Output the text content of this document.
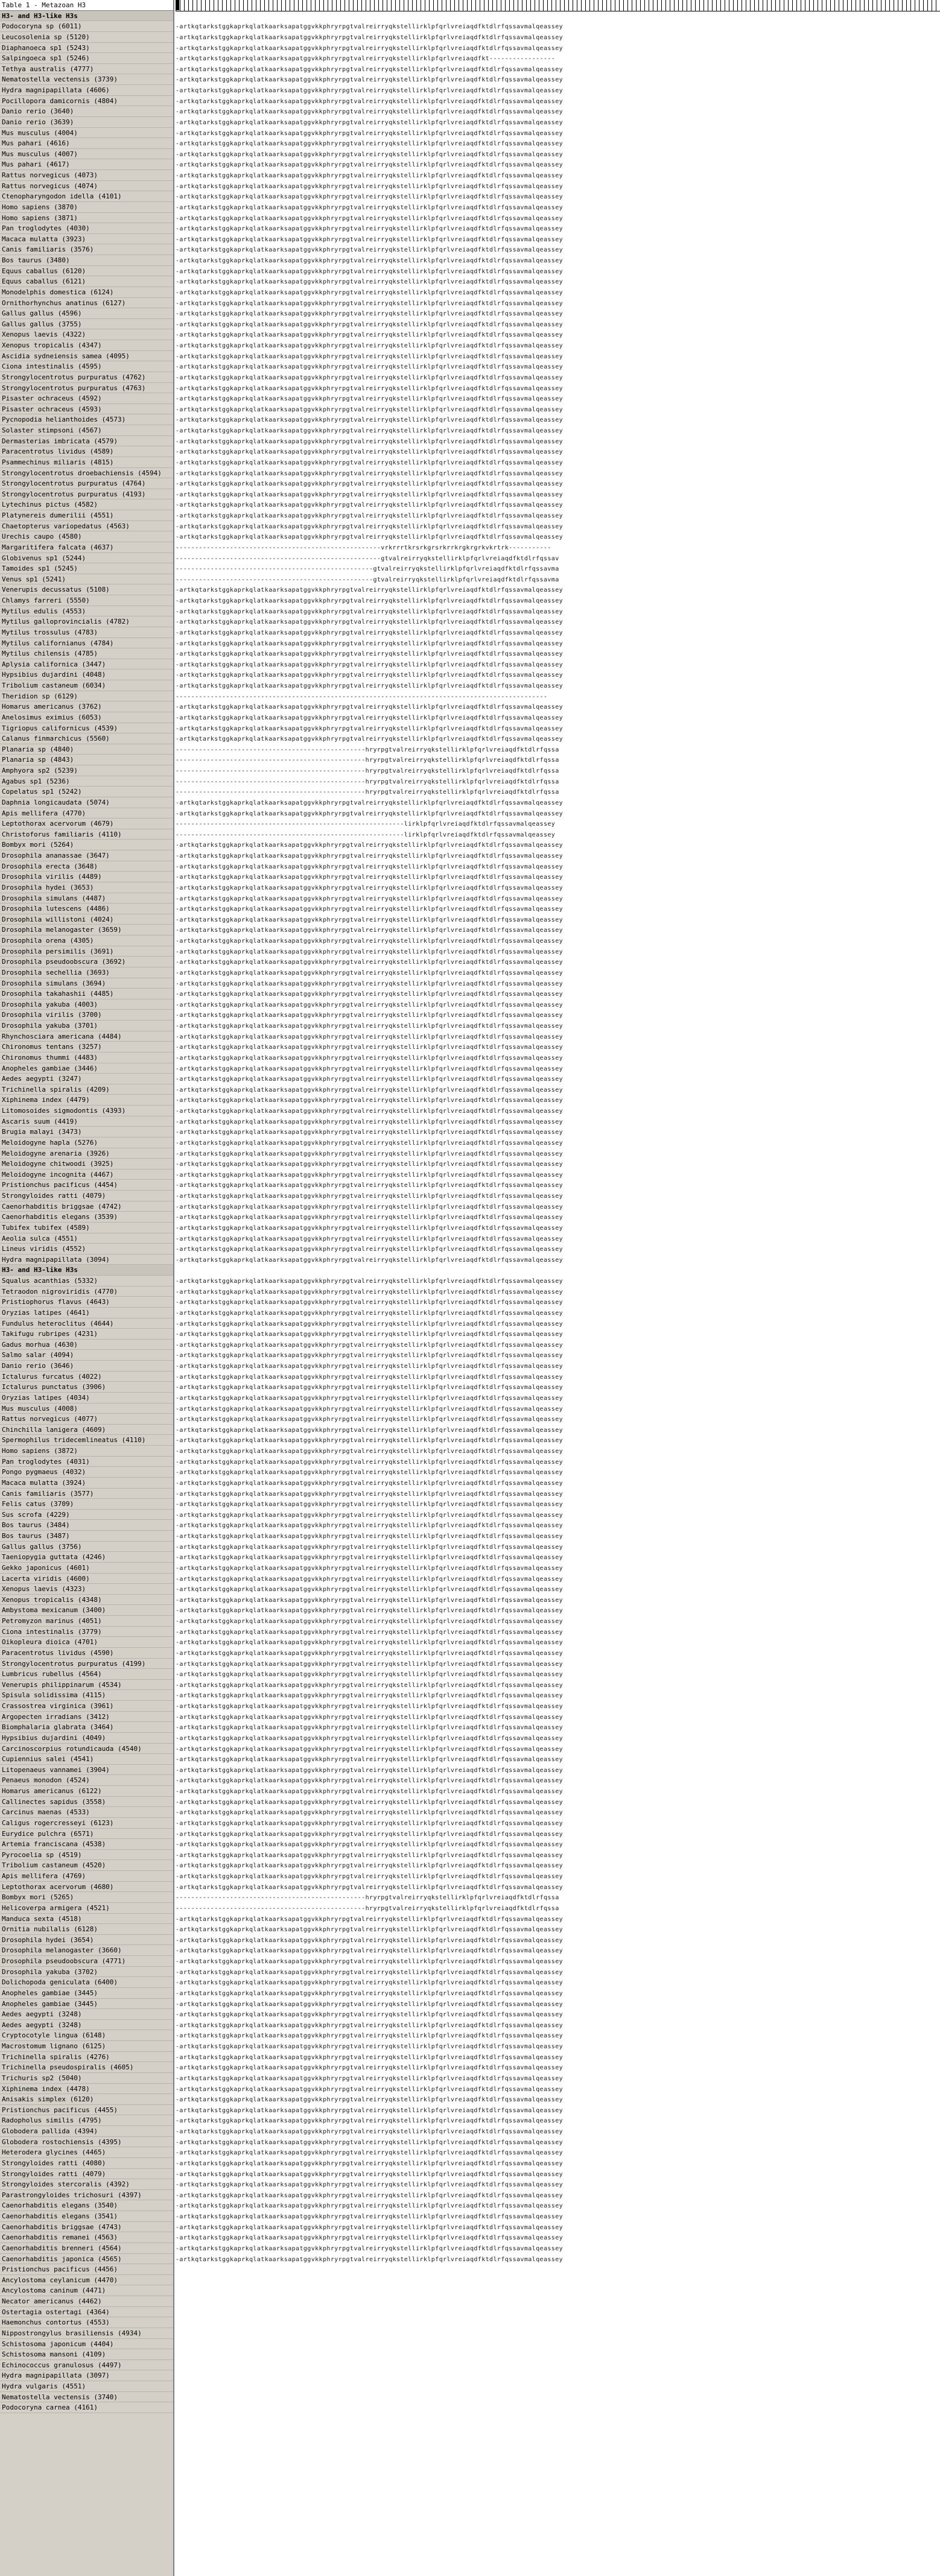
Table 1 - Metazoan H3
H3- and H3-like H3s
Podocoryna sp (6011)
Leucosolenia sp (5120)
Diaphanoeca sp1 (5243)
Salpingoeca sp1 (5246)
Tethya australis (4777)
Nematostella vectensis (3739)
Hydra magnipapillata (4606)
Pocillopora damicornis (4804)
Danio rerio (3640)
Danio rerio (3639)
Mus musculus (4004)
Mus pahari (4616)
Mus musculus (4007)
Mus pahari (4617)
Rattus norvegicus (4073)
Rattus norvegicus (4074)
Ctenopharyngodon idella (4101)
Homo sapiens (3870)
Homo sapiens (3871)
Pan troglodytes (4030)
Macaca mulatta (3923)
Canis familiaris (3576)
Bos taurus (3480)
Equus caballus (6120)
Equus caballus (6121)
Monodelphis domestica (6124)
Ornithorhynchus anatinus (6127)
Gallus gallus (4596)
Gallus gallus (3755)
Xenopus laevis (4322)
Xenopus tropicalis (4347)
Ascidia sydneiensis samea (4095)
Ciona intestinalis (4595)
Strongylocentrotus purpuratus (4762)
Strongylocentrotus purpuratus (4763)
Pisaster ochraceus (4592)
Pisaster ochraceus (4593)
Pycnopodia helianthoides (4573)
Solaster stimpsoni (4567)
Dermasterias imbricata (4579)
Paracentrotus lividus (4589)
Psammechinus miliaris (4815)
Strongylocentrotus droebachiensis (4594)
Strongylocentrotus purpuratus (4764)
Strongylocentrotus purpuratus (4193)
Lytechinus pictus (4582)
Platynereis dumerilii (4551)
Chaetopterus variopedatus (4563)
Urechis caupo (4580)
Margaritifera falcata (4637)
Globivenus sp1 (5244)
Tamoides sp1 (5245)
Venus sp1 (5241)
Venerupis decussatus (5108)
Chlamys farreri (5550)
Mytilus edulis (4553)
Mytilus galloprovincialis (4782)
Mytilus trossulus (4783)
Mytilus californianus (4784)
Mytilus chilensis (4785)
Aplysia californica (3447)
Hypsibius dujardini (4048)
Tribolium castaneum (6034)
Theridion sp (6129)
Homarus americanus (3762)
Anelosimus eximius (6053)
Tigriopus californicus (4539)
Calanus finmarchicus (5560)
Planaria sp (4840)
Planaria sp (4843)
Amphyora sp2 (5239)
Agabus sp1 (5236)
Copelatus sp1 (5242)
Daphnia longicaudata (5074)
Apis mellifera (4770)
Leptothorax acervorum (4679)
Christoforus familiaris (4110)
Bombyx mori (5264)
Drosophila ananassae (3647)
Drosophila erecta (3648)
Drosophila virilis (4489)
Drosophila hydei (3653)
Drosophila simulans (4487)
Drosophila lutescens (4486)
Drosophila willistoni (4024)
Drosophila melanogaster (3659)
Drosophila orena (4305)
Drosophila persimilis (3691)
Drosophila pseudoobscura (3692)
Drosophila sechellia (3693)
Drosophila simulans (3694)
Drosophila takahashii (4485)
Drosophila yakuba (4003)
Drosophila virilis (3700)
Drosophila yakuba (3701)
Rhynchosciara americana (4484)
Chironomus tentans (3257)
Chironomus thummi (4483)
Anopheles gambiae (3446)
Aedes aegypti (3247)
Trichinella spiralis (4209)
Xiphinema index (4479)
Litomosoides sigmodontis (4393)
Ascaris suum (4419)
Brugia malayi (3473)
Meloidogyne hapla (5276)
Meloidogyne arenaria (3926)
Meloidogyne chitwoodi (3925)
Meloidogyne incognita (4467)
Pristionchus pacificus (4454)
Strongyloides ratti (4079)
Caenorhabditis briggsae (4742)
Caenorhabditis elegans (3539)
Tubifex tubifex (4589)
Aeolia sulca (4551)
Lineus viridis (4552)
Hydra magnipapillata (3094)
H3- and H3-like H3s
Squalus acanthias (5332)
Tetraodon nigroviridis (4770)
Pristiophorus flavus (4643)
Oryzias latipes (4641)
Fundulus heteroclitus (4644)
Takifugu rubripes (4231)
Gadus morhua (4630)
Salmo salar (4094)
Danio rerio (3646)
Ictalurus furcatus (4022)
Ictalurus punctatus (3906)
Oryzias latipes (4034)
Mus musculus (4008)
Rattus norvegicus (4077)
Chinchilla lanigera (4609)
Spermophilus tridecemlineatus (4110)
Homo sapiens (3872)
Pan troglodytes (4031)
Pongo pygmaeus (4032)
Macaca mulatta (3924)
Canis familiaris (3577)
Felis catus (3709)
Sus scrofa (4229)
Bos taurus (3484)
Bos taurus (3487)
Gallus gallus (3756)
Taeniopygia guttata (4246)
Gekko japonicus (4601)
Lacerta viridis (4600)
Xenopus laevis (4323)
Xenopus tropicalis (4348)
Ambystoma mexicanum (3400)
Petromyzon marinus (4051)
Ciona intestinalis (3779)
Oikopleura dioica (4701)
Paracentrotus lividus (4590)
Strongylocentrotus purpuratus (4199)
Lumbricus rubellus (4564)
Venerupis philippinarum (4534)
Spisula solidissima (4115)
Crassostrea virginica (3961)
Argopecten irradians (3412)
Biomphalaria glabrata (3464)
Hypsibius dujardini (4049)
Carcinoscorpius rotundicauda (4540)
Cupiennius salei (4541)
Litopenaeus vannamei (3904)
Penaeus monodon (4524)
Homarus americanus (6122)
Callinectes sapidus (3558)
Carcinus maenas (4533)
Caligus rogercresseyi (6123)
Eurydice pulchra (6571)
Artemia franciscana (4538)
Pyrocoelia sp (4519)
Tribolium castaneum (4520)
Apis mellifera (4769)
Leptothorax acervorum (4680)
Bombyx mori (5265)
Helicoverpa armigera (4521)
Manduca sexta (4518)
Ornitia nubilalis (6128)
Drosophila hydei (3654)
Drosophila melanogaster (3660)
Drosophila pseudoobscura (4771)
Drosophila yakuba (3702)
Dolichopoda geniculata (6400)
Anopheles gambiae (3445)
Anopheles gambiae (3445)
Aedes aegypti (3248)
Aedes aegypti (3248)
Cryptocotyle lingua (6148)
Macrostomum lignano (6125)
Trichinella spiralis (4276)
Trichinella pseudospiralis (4605)
Trichuris sp2 (5040)
Xiphinema index (4478)
Anisakis simplex (6120)
Pristionchus pacificus (4455)
Radopholus similis (4795)
Globodera pallida (4394)
Globodera rostochiensis (4395)
Heterodera glycines (4465)
Strongyloides ratti (4080)
Strongyloides ratti (4079)
Strongyloides stercoralis (4392)
Parastrongyloides trichosuri (4397)
Caenorhabditis elegans (3540)
Caenorhabditis elegans (3541)
Caenorhabditis briggsae (4743)
Caenorhabditis remanei (4563)
Caenorhabditis brenneri (4564)
Caenorhabditis japonica (4565)
Pristionchus pacificus (4456)
Ancylostoma ceylanicum (4470)
Ancylostoma caninum (4471)
Necator americanus (4462)
Ostertagia ostertagi (4364)
Haemonchus contortus (4553)
Nippostrongylus brasiliensis (4934)
Schistosoma japonicum (4404)
Schistosoma mansoni (4109)
Echinococcus granulosus (4497)
Hydra magnipapillata (3097)
Hydra vulgaris (4551)
Nematostella vectensis (3740)
Podocoryna carnea (4161)
-artkqtarkstggkaprkqlatkaarksapatggvkkphryrpgtvalreirryqkstellirklpfqrlvreiaqdfktdlrfqssavmalqeassey
-artkqtarkstggkaprkqlatkaarksapatggvkkphryrpgtvalreirryqkstellirklpfqrlvreiaqdfktdlrfqssavmalqeassey
-artkqtarkstggkaprkqlatkaarksapatggvkkphryrpgtvalreirryqkstellirklpfqrlvreiaqdfktdlrfqssavmalqeassey
-artkqtarkstggkaprkqlatkaarksapatggvkkphryrpgtvalreirryqkstellirklpfqrlvreiaqdfkt-----------------
-artkqtarkstggkaprkqlatkaarksapatggvkkphryrpgtvalreirryqkstellirklpfqrlvreiaqdfktdlrfqssavmalqeassey
-artkqtarkstggkaprkqlatkaarksapatggvkkphryrpgtvalreirryqkstellirklpfqrlvreiaqdfktdlrfqssavmalqeassey
-artkqtarkstggkaprkqlatkaarksapatggvkkphryrpgtvalreirryqkstellirklpfqrlvreiaqdfktdlrfqssavmalqeassey
-artkqtarkstggkaprkqlatkaarksapatggvkkphryrpgtvalreirryqkstellirklpfqrlvreiaqdfktdlrfqssavmalqeassey
-artkqtarkstggkaprkqlatkaarksapatggvkkphryrpgtvalreirryqkstellirklpfqrlvreiaqdfktdlrfqssavmalqeassey
-artkqtarkstggkaprkqlatkaarksapatggvkkphryrpgtvalreirryqkstellirklpfqrlvreiaqdfktdlrfqssavmalqeassey
-artkqtarkstggkaprkqlatkaarksapatggvkkphryrpgtvalreirryqkstellirklpfqrlvreiaqdfktdlrfqssavmalqeassey
-artkqtarkstggkaprkqlatkaarksapatggvkkphryrpgtvalreirryqkstellirklpfqrlvreiaqdfktdlrfqssavmalqeassey
-artkqtarkstggkaprkqlatkaarksapatggvkkphryrpgtvalreirryqkstellirklpfqrlvreiaqdfktdlrfqssavmalqeassey
-artkqtarkstggkaprkqlatkaarksapatggvkkphryrpgtvalreirryqkstellirklpfqrlvreiaqdfktdlrfqssavmalqeassey
-artkqtarkstggkaprkqlatkaarksapatggvkkphryrpgtvalreirryqkstellirklpfqrlvreiaqdfktdlrfqssavmalqeassey
-artkqtarkstggkaprkqlatkaarksapatggvkkphryrpgtvalreirryqkstellirklpfqrlvreiaqdfktdlrfqssavmalqeassey
-artkqtarkstggkaprkqlatkaarksapatggvkkphryrpgtvalreirryqkstellirklpfqrlvreiaqdfktdlrfqssavmalqeassey
-artkqtarkstggkaprkqlatkaarksapatggvkkphryrpgtvalreirryqkstellirklpfqrlvreiaqdfktdlrfqssavmalqeassey
-artkqtarkstggkaprkqlatkaarksapatggvkkphryrpgtvalreirryqkstellirklpfqrlvreiaqdfktdlrfqssavmalqeassey
-artkqtarkstggkaprkqlatkaarksapatggvkkphryrpgtvalreirryqkstellirklpfqrlvreiaqdfktdlrfqssavmalqeassey
-artkqtarkstggkaprkqlatkaarksapatggvkkphryrpgtvalreirryqkstellirklpfqrlvreiaqdfktdlrfqssavmalqeassey
-artkqtarkstggkaprkqlatkaarksapatggvkkphryrpgtvalreirryqkstellirklpfqrlvreiaqdfktdlrfqssavmalqeassey
-artkqtarkstggkaprkqlatkaarksapatggvkkphryrpgtvalreirryqkstellirklpfqrlvreiaqdfktdlrfqssavmalqeassey
-artkqtarkstggkaprkqlatkaarksapatggvkkphryrpgtvalreirryqkstellirklpfqrlvreiaqdfktdlrfqssavmalqeassey
-artkqtarkstggkaprkqlatkaarksapatggvkkphryrpgtvalreirryqkstellirklpfqrlvreiaqdfktdlrfqssavmalqeassey
-artkqtarkstggkaprkqlatkaarksapatggvkkphryrpgtvalreirryqkstellirklpfqrlvreiaqdfktdlrfqssavmalqeassey
-artkqtarkstggkaprkqlatkaarksapatggvkkphryrpgtvalreirryqkstellirklpfqrlvreiaqdfktdlrfqssavmalqeassey
-artkqtarkstggkaprkqlatkaarksapatggvkkphryrpgtvalreirryqkstellirklpfqrlvreiaqdfktdlrfqssavmalqeassey
-artkqtarkstggkaprkqlatkaarksapatggvkkphryrpgtvalreirryqkstellirklpfqrlvreiaqdfktdlrfqssavmalqeassey
-artkqtarkstggkaprkqlatkaarksapatggvkkphryrpgtvalreirryqkstellirklpfqrlvreiaqdfktdlrfqssavmalqeassey
-artkqtarkstggkaprkqlatkaarksapatggvkkphryrpgtvalreirryqkstellirklpfqrlvreiaqdfktdlrfqssavmalqeassey
-artkqtarkstggkaprkqlatkaarksapatggvkkphryrpgtvalreirryqkstellirklpfqrlvreiaqdfktdlrfqssavmalqeassey
-artkqtarkstggkaprkqlatkaarksapatggvkkphryrpgtvalreirryqkstellirklpfqrlvreiaqdfktdlrfqssavmalqeassey
-artkqtarkstggkaprkqlatkaarksapatggvkkphryrpgtvalreirryqkstellirklpfqrlvreiaqdfktdlrfqssavmalqeassey
-artkqtarkstggkaprkqlatkaarksapatggvkkphryrpgtvalreirryqkstellirklpfqrlvreiaqdfktdlrfqssavmalqeassey
-artkqtarkstggkaprkqlatkaarksapatggvkkphryrpgtvalreirryqkstellirklpfqrlvreiaqdfktdlrfqssavmalqeassey
-artkqtarkstggkaprkqlatkaarksapatggvkkphryrpgtvalreirryqkstellirklpfqrlvreiaqdfktdlrfqssavmalqeassey
-artkqtarkstggkaprkqlatkaarksapatggvkkphryrpgtvalreirryqkstellirklpfqrlvreiaqdfktdlrfqssavmalqeassey
-artkqtarkstggkaprkqlatkaarksapatggvkkphryrpgtvalreirryqkstellirklpfqrlvreiaqdfktdlrfqssavmalqeassey
-artkqtarkstggkaprkqlatkaarksapatggvkkphryrpgtvalreirryqkstellirklpfqrlvreiaqdfktdlrfqssavmalqeassey
-artkqtarkstggkaprkqlatkaarksapatggvkkphryrpgtvalreirryqkstellirklpfqrlvreiaqdfktdlrfqssavmalqeassey
-artkqtarkstggkaprkqlatkaarksapatggvkkphryrpgtvalreirryqkstellirklpfqrlvreiaqdfktdlrfqssavmalqeassey
-artkqtarkstggkaprkqlatkaarksapatggvkkphryrpgtvalreirryqkstellirklpfqrlvreiaqdfktdlrfqssavmalqeassey
-artkqtarkstggkaprkqlatkaarksapatggvkkphryrpgtvalreirryqkstellirklpfqrlvreiaqdfktdlrfqssavmalqeassey
-artkqtarkstggkaprkqlatkaarksapatggvkkphryrpgtvalreirryqkstellirklpfqrlvreiaqdfktdlrfqssavmalqeassey
-artkqtarkstggkaprkqlatkaarksapatggvkkphryrpgtvalreirryqkstellirklpfqrlvreiaqdfktdlrfqssavmalqeassey
-artkqtarkstggkaprkqlatkaarksapatggvkkphryrpgtvalreirryqkstellirklpfqrlvreiaqdfktdlrfqssavmalqeassey
-artkqtarkstggkaprkqlatkaarksapatggvkkphryrpgtvalreirryqkstellirklpfqrlvreiaqdfktdlrfqssavmalqeassey
-artkqtarkstggkaprkqlatkaarksapatggvkkphryrpgtvalreirryqkstellirklpfqrlvreiaqdfktdlrfqssavmalqeassey
-----------------------------------------------------vrkrrrtkrsrkgrsrkrrkrgkrgrkvkrtrk-----------
-----------------------------------------------------gtvalreirryqkstellirklpfqrlvreiaqdfktdlrfqssav
---------------------------------------------------gtvalreirryqkstellirklpfqrlvreiaqdfktdlrfqssavma
---------------------------------------------------gtvalreirryqkstellirklpfqrlvreiaqdfktdlrfqssavma
-artkqtarkstggkaprkqlatkaarksapatggvkkphryrpgtvalreirryqkstellirklpfqrlvreiaqdfktdlrfqssavmalqeassey
-artkqtarkstggkaprkqlatkaarksapatggvkkphryrpgtvalreirryqkstellirklpfqrlvreiaqdfktdlrfqssavmalqeassey
-artkqtarkstggkaprkqlatkaarksapatggvkkphryrpgtvalreirryqkstellirklpfqrlvreiaqdfktdlrfqssavmalqeassey
-artkqtarkstggkaprkqlatkaarksapatggvkkphryrpgtvalreirryqkstellirklpfqrlvreiaqdfktdlrfqssavmalqeassey
-artkqtarkstggkaprkqlatkaarksapatggvkkphryrpgtvalreirryqkstellirklpfqrlvreiaqdfktdlrfqssavmalqeassey
-artkqtarkstggkaprkqlatkaarksapatggvkkphryrpgtvalreirryqkstellirklpfqrlvreiaqdfktdlrfqssavmalqeassey
-artkqtarkstggkaprkqlatkaarksapatggvkkphryrpgtvalreirryqkstellirklpfqrlvreiaqdfktdlrfqssavmalqeassey
-artkqtarkstggkaprkqlatkaarksapatggvkkphryrpgtvalreirryqkstellirklpfqrlvreiaqdfktdlrfqssavmalqeassey
-artkqtarkstggkaprkqlatkaarksapatggvkkphryrpgtvalreirryqkstellirklpfqrlvreiaqdfktdlrfqssavmalqeassey
-artkqtarkstggkaprkqlatkaarksapatggvkkphryrpgtvalreirryqkstellirklpfqrlvreiaqdfktdlrfqssavmalqeassey
------------------------------------------------------------------------------------------------
-artkqtarkstggkaprkqlatkaarksapatggvkkphryrpgtvalreirryqkstellirklpfqrlvreiaqdfktdlrfqssavmalqeassey
-artkqtarkstggkaprkqlatkaarksapatggvkkphryrpgtvalreirryqkstellirklpfqrlvreiaqdfktdlrfqssavmalqeassey
-artkqtarkstggkaprkqlatkaarksapatggvkkphryrpgtvalreirryqkstellirklpfqrlvreiaqdfktdlrfqssavmalqeassey
-artkqtarkstggkaprkqlatkaarksapatggvkkphryrpgtvalreirryqkstellirklpfqrlvreiaqdfktdlrfqssavmalqeassey
-------------------------------------------------hryrpgtvalreirryqkstellirklpfqrlvreiaqdfktdlrfqssa
-------------------------------------------------hryrpgtvalreirryqkstellirklpfqrlvreiaqdfktdlrfqssa
-------------------------------------------------hryrpgtvalreirryqkstellirklpfqrlvreiaqdfktdlrfqssa
-------------------------------------------------hryrpgtvalreirryqkstellirklpfqrlvreiaqdfktdlrfqssa
-------------------------------------------------hryrpgtvalreirryqkstellirklpfqrlvreiaqdfktdlrfqssa
-artkqtarkstggkaprkqlatkaarksapatggvkkphryrpgtvalreirryqkstellirklpfqrlvreiaqdfktdlrfqssavmalqeassey
-artkqtarkstggkaprkqlatkaarksapatggvkkphryrpgtvalreirryqkstellirklpfqrlvreiaqdfktdlrfqssavmalqeassey
-----------------------------------------------------------lirklpfqrlvreiaqdfktdlrfqssavmalqeassey
-----------------------------------------------------------lirklpfqrlvreiaqdfktdlrfqssavmalqeassey
-artkqtarkstggkaprkqlatkaarksapatggvkkphryrpgtvalreirryqkstellirklpfqrlvreiaqdfktdlrfqssavmalqeassey
-artkqtarkstggkaprkqlatkaarksapatggvkkphryrpgtvalreirryqkstellirklpfqrlvreiaqdfktdlrfqssavmalqeassey
-artkqtarkstggkaprkqlatkaarksapatggvkkphryrpgtvalreirryqkstellirklpfqrlvreiaqdfktdlrfqssavmalqeassey
-artkqtarkstggkaprkqlatkaarksapatggvkkphryrpgtvalreirryqkstellirklpfqrlvreiaqdfktdlrfqssavmalqeassey
-artkqtarkstggkaprkqlatkaarksapatggvkkphryrpgtvalreirryqkstellirklpfqrlvreiaqdfktdlrfqssavmalqeassey
-artkqtarkstggkaprkqlatkaarksapatggvkkphryrpgtvalreirryqkstellirklpfqrlvreiaqdfktdlrfqssavmalqeassey
-artkqtarkstggkaprkqlatkaarksapatggvkkphryrpgtvalreirryqkstellirklpfqrlvreiaqdfktdlrfqssavmalqeassey
-artkqtarkstggkaprkqlatkaarksapatggvkkphryrpgtvalreirryqkstellirklpfqrlvreiaqdfktdlrfqssavmalqeassey
-artkqtarkstggkaprkqlatkaarksapatggvkkphryrpgtvalreirryqkstellirklpfqrlvreiaqdfktdlrfqssavmalqeassey
-artkqtarkstggkaprkqlatkaarksapatggvkkphryrpgtvalreirryqkstellirklpfqrlvreiaqdfktdlrfqssavmalqeassey
-artkqtarkstggkaprkqlatkaarksapatggvkkphryrpgtvalreirryqkstellirklpfqrlvreiaqdfktdlrfqssavmalqeassey
-artkqtarkstggkaprkqlatkaarksapatggvkkphryrpgtvalreirryqkstellirklpfqrlvreiaqdfktdlrfqssavmalqeassey
-artkqtarkstggkaprkqlatkaarksapatggvkkphryrpgtvalreirryqkstellirklpfqrlvreiaqdfktdlrfqssavmalqeassey
-artkqtarkstggkaprkqlatkaarksapatggvkkphryrpgtvalreirryqkstellirklpfqrlvreiaqdfktdlrfqssavmalqeassey
-artkqtarkstggkaprkqlatkaarksapatggvkkphryrpgtvalreirryqkstellirklpfqrlvreiaqdfktdlrfqssavmalqeassey
-artkqtarkstggkaprkqlatkaarksapatggvkkphryrpgtvalreirryqkstellirklpfqrlvreiaqdfktdlrfqssavmalqeassey
-artkqtarkstggkaprkqlatkaarksapatggvkkphryrpgtvalreirryqkstellirklpfqrlvreiaqdfktdlrfqssavmalqeassey
-artkqtarkstggkaprkqlatkaarksapatggvkkphryrpgtvalreirryqkstellirklpfqrlvreiaqdfktdlrfqssavmalqeassey
-artkqtarkstggkaprkqlatkaarksapatggvkkphryrpgtvalreirryqkstellirklpfqrlvreiaqdfktdlrfqssavmalqeassey
-artkqtarkstggkaprkqlatkaarksapatggvkkphryrpgtvalreirryqkstellirklpfqrlvreiaqdfktdlrfqssavmalqeassey
-artkqtarkstggkaprkqlatkaarksapatggvkkphryrpgtvalreirryqkstellirklpfqrlvreiaqdfktdlrfqssavmalqeassey
-artkqtarkstggkaprkqlatkaarksapatggvkkphryrpgtvalreirryqkstellirklpfqrlvreiaqdfktdlrfqssavmalqeassey
-artkqtarkstggkaprkqlatkaarksapatggvkkphryrpgtvalreirryqkstellirklpfqrlvreiaqdfktdlrfqssavmalqeassey
-artkqtarkstggkaprkqlatkaarksapatggvkkphryrpgtvalreirryqkstellirklpfqrlvreiaqdfktdlrfqssavmalqeassey
-artkqtarkstggkaprkqlatkaarksapatggvkkphryrpgtvalreirryqkstellirklpfqrlvreiaqdfktdlrfqssavmalqeassey
-artkqtarkstggkaprkqlatkaarksapatggvkkphryrpgtvalreirryqkstellirklpfqrlvreiaqdfktdlrfqssavmalqeassey
-artkqtarkstggkaprkqlatkaarksapatggvkkphryrpgtvalreirryqkstellirklpfqrlvreiaqdfktdlrfqssavmalqeassey
-artkqtarkstggkaprkqlatkaarksapatggvkkphryrpgtvalreirryqkstellirklpfqrlvreiaqdfktdlrfqssavmalqeassey
-artkqtarkstggkaprkqlatkaarksapatggvkkphryrpgtvalreirryqkstellirklpfqrlvreiaqdfktdlrfqssavmalqeassey
-artkqtarkstggkaprkqlatkaarksapatggvkkphryrpgtvalreirryqkstellirklpfqrlvreiaqdfktdlrfqssavmalqeassey
-artkqtarkstggkaprkqlatkaarksapatggvkkphryrpgtvalreirryqkstellirklpfqrlvreiaqdfktdlrfqssavmalqeassey
-artkqtarkstggkaprkqlatkaarksapatggvkkphryrpgtvalreirryqkstellirklpfqrlvreiaqdfktdlrfqssavmalqeassey
-artkqtarkstggkaprkqlatkaarksapatggvkkphryrpgtvalreirryqkstellirklpfqrlvreiaqdfktdlrfqssavmalqeassey
-artkqtarkstggkaprkqlatkaarksapatggvkkphryrpgtvalreirryqkstellirklpfqrlvreiaqdfktdlrfqssavmalqeassey
-artkqtarkstggkaprkqlatkaarksapatggvkkphryrpgtvalreirryqkstellirklpfqrlvreiaqdfktdlrfqssavmalqeassey
-artkqtarkstggkaprkqlatkaarksapatggvkkphryrpgtvalreirryqkstellirklpfqrlvreiaqdfktdlrfqssavmalqeassey
-artkqtarkstggkaprkqlatkaarksapatggvkkphryrpgtvalreirryqkstellirklpfqrlvreiaqdfktdlrfqssavmalqeassey
-artkqtarkstggkaprkqlatkaarksapatggvkkphryrpgtvalreirryqkstellirklpfqrlvreiaqdfktdlrfqssavmalqeassey
-artkqtarkstggkaprkqlatkaarksapatggvkkphryrpgtvalreirryqkstellirklpfqrlvreiaqdfktdlrfqssavmalqeassey
-artkqtarkstggkaprkqlatkaarksapatggvkkphryrpgtvalreirryqkstellirklpfqrlvreiaqdfktdlrfqssavmalqeassey
-artkqtarkstggkaprkqlatkaarksapatggvkkphryrpgtvalreirryqkstellirklpfqrlvreiaqdfktdlrfqssavmalqeassey
-artkqtarkstggkaprkqlatkaarksapatggvkkphryrpgtvalreirryqkstellirklpfqrlvreiaqdfktdlrfqssavmalqeassey
-artkqtarkstggkaprkqlatkaarksapatggvkkphryrpgtvalreirryqkstellirklpfqrlvreiaqdfktdlrfqssavmalqeassey
-artkqtarkstggkaprkqlatkaarksapatggvkkphryrpgtvalreirryqkstellirklpfqrlvreiaqdfktdlrfqssavmalqeassey
-artkqtarkstggkaprkqlatkaarksapatggvkkphryrpgtvalreirryqkstellirklpfqrlvreiaqdfktdlrfqssavmalqeassey
-artkqtarkstggkaprkqlatkaarksapatggvkkphryrpgtvalreirryqkstellirklpfqrlvreiaqdfktdlrfqssavmalqeassey
-artkqtarkstggkaprkqlatkaarksapatggvkkphryrpgtvalreirryqkstellirklpfqrlvreiaqdfktdlrfqssavmalqeassey
-artkqtarkstggkaprkqlatkaarksapatggvkkphryrpgtvalreirryqkstellirklpfqrlvreiaqdfktdlrfqssavmalqeassey
-artkqtarkstggkaprkqlatkaarksapatggvkkphryrpgtvalreirryqkstellirklpfqrlvreiaqdfktdlrfqssavmalqeassey
-artkqtarkstggkaprkqlatkaarksapatggvkkphryrpgtvalreirryqkstellirklpfqrlvreiaqdfktdlrfqssavmalqeassey
-artkqtarkstggkaprkqlatkaarksapatggvkkphryrpgtvalreirryqkstellirklpfqrlvreiaqdfktdlrfqssavmalqeassey
-artkqtarkstggkaprkqlatkaarksapatggvkkphryrpgtvalreirryqkstellirklpfqrlvreiaqdfktdlrfqssavmalqeassey
-artkqtarkstggkaprkqlatkaarksapatggvkkphryrpgtvalreirryqkstellirklpfqrlvreiaqdfktdlrfqssavmalqeassey
-artkqtarkstggkaprkqlatkaarksapatggvkkphryrpgtvalreirryqkstellirklpfqrlvreiaqdfktdlrfqssavmalqeassey
-artkqtarkstggkaprkqlatkaarksapatggvkkphryrpgtvalreirryqkstellirklpfqrlvreiaqdfktdlrfqssavmalqeassey
-artkqtarkstggkaprkqlatkaarksapatggvkkphryrpgtvalreirryqkstellirklpfqrlvreiaqdfktdlrfqssavmalqeassey
-artkqtarkstggkaprkqlatkaarksapatggvkkphryrpgtvalreirryqkstellirklpfqrlvreiaqdfktdlrfqssavmalqeassey
-artkqtarkstggkaprkqlatkaarksapatggvkkphryrpgtvalreirryqkstellirklpfqrlvreiaqdfktdlrfqssavmalqeassey
-artkqtarkstggkaprkqlatkaarksapatggvkkphryrpgtvalreirryqkstellirklpfqrlvreiaqdfktdlrfqssavmalqeassey
-artkqtarkstggkaprkqlatkaarksapatggvkkphryrpgtvalreirryqkstellirklpfqrlvreiaqdfktdlrfqssavmalqeassey
-artkqtarkstggkaprkqlatkaarksapatggvkkphryrpgtvalreirryqkstellirklpfqrlvreiaqdfktdlrfqssavmalqeassey
-artkqtarkstggkaprkqlatkaarksapatggvkkphryrpgtvalreirryqkstellirklpfqrlvreiaqdfktdlrfqssavmalqeassey
-artkqtarkstggkaprkqlatkaarksapatggvkkphryrpgtvalreirryqkstellirklpfqrlvreiaqdfktdlrfqssavmalqeassey
-artkqtarkstggkaprkqlatkaarksapatggvkkphryrpgtvalreirryqkstellirklpfqrlvreiaqdfktdlrfqssavmalqeassey
-artkqtarkstggkaprkqlatkaarksapatggvkkphryrpgtvalreirryqkstellirklpfqrlvreiaqdfktdlrfqssavmalqeassey
-artkqtarkstggkaprkqlatkaarksapatggvkkphryrpgtvalreirryqkstellirklpfqrlvreiaqdfktdlrfqssavmalqeassey
-artkqtarkstggkaprkqlatkaarksapatggvkkphryrpgtvalreirryqkstellirklpfqrlvreiaqdfktdlrfqssavmalqeassey
-artkqtarkstggkaprkqlatkaarksapatggvkkphryrpgtvalreirryqkstellirklpfqrlvreiaqdfktdlrfqssavmalqeassey
-artkqtarkstggkaprkqlatkaarksapatggvkkphryrpgtvalreirryqkstellirklpfqrlvreiaqdfktdlrfqssavmalqeassey
-artkqtarkstggkaprkqlatkaarksapatggvkkphryrpgtvalreirryqkstellirklpfqrlvreiaqdfktdlrfqssavmalqeassey
-artkqtarkstggkaprkqlatkaarksapatggvkkphryrpgtvalreirryqkstellirklpfqrlvreiaqdfktdlrfqssavmalqeassey
-artkqtarkstggkaprkqlatkaarksapatggvkkphryrpgtvalreirryqkstellirklpfqrlvreiaqdfktdlrfqssavmalqeassey
-artkqtarkstggkaprkqlatkaarksapatggvkkphryrpgtvalreirryqkstellirklpfqrlvreiaqdfktdlrfqssavmalqeassey
-artkqtarkstggkaprkqlatkaarksapatggvkkphryrpgtvalreirryqkstellirklpfqrlvreiaqdfktdlrfqssavmalqeassey
-artkqtarkstggkaprkqlatkaarksapatggvkkphryrpgtvalreirryqkstellirklpfqrlvreiaqdfktdlrfqssavmalqeassey
-artkqtarkstggkaprkqlatkaarksapatggvkkphryrpgtvalreirryqkstellirklpfqrlvreiaqdfktdlrfqssavmalqeassey
-artkqtarkstggkaprkqlatkaarksapatggvkkphryrpgtvalreirryqkstellirklpfqrlvreiaqdfktdlrfqssavmalqeassey
-artkqtarkstggkaprkqlatkaarksapatggvkkphryrpgtvalreirryqkstellirklpfqrlvreiaqdfktdlrfqssavmalqeassey
-artkqtarkstggkaprkqlatkaarksapatggvkkphryrpgtvalreirryqkstellirklpfqrlvreiaqdfktdlrfqssavmalqeassey
-artkqtarkstggkaprkqlatkaarksapatggvkkphryrpgtvalreirryqkstellirklpfqrlvreiaqdfktdlrfqssavmalqeassey
-artkqtarkstggkaprkqlatkaarksapatggvkkphryrpgtvalreirryqkstellirklpfqrlvreiaqdfktdlrfqssavmalqeassey
-artkqtarkstggkaprkqlatkaarksapatggvkkphryrpgtvalreirryqkstellirklpfqrlvreiaqdfktdlrfqssavmalqeassey
-artkqtarkstggkaprkqlatkaarksapatggvkkphryrpgtvalreirryqkstellirklpfqrlvreiaqdfktdlrfqssavmalqeassey
-artkqtarkstggkaprkqlatkaarksapatggvkkphryrpgtvalreirryqkstellirklpfqrlvreiaqdfktdlrfqssavmalqeassey
-artkqtarkstggkaprkqlatkaarksapatggvkkphryrpgtvalreirryqkstellirklpfqrlvreiaqdfktdlrfqssavmalqeassey
-artkqtarkstggkaprkqlatkaarksapatggvkkphryrpgtvalreirryqkstellirklpfqrlvreiaqdfktdlrfqssavmalqeassey
-artkqtarkstggkaprkqlatkaarksapatggvkkphryrpgtvalreirryqkstellirklpfqrlvreiaqdfktdlrfqssavmalqeassey
-artkqtarkstggkaprkqlatkaarksapatggvkkphryrpgtvalreirryqkstellirklpfqrlvreiaqdfktdlrfqssavmalqeassey
-artkqtarkstggkaprkqlatkaarksapatggvkkphryrpgtvalreirryqkstellirklpfqrlvreiaqdfktdlrfqssavmalqeassey
-artkqtarkstggkaprkqlatkaarksapatggvkkphryrpgtvalreirryqkstellirklpfqrlvreiaqdfktdlrfqssavmalqeassey
-artkqtarkstggkaprkqlatkaarksapatggvkkphryrpgtvalreirryqkstellirklpfqrlvreiaqdfktdlrfqssavmalqeassey
-artkqtarkstggkaprkqlatkaarksapatggvkkphryrpgtvalreirryqkstellirklpfqrlvreiaqdfktdlrfqssavmalqeassey
-artkqtarkstggkaprkqlatkaarksapatggvkkphryrpgtvalreirryqkstellirklpfqrlvreiaqdfktdlrfqssavmalqeassey
-artkqtarkstggkaprkqlatkaarksapatggvkkphryrpgtvalreirryqkstellirklpfqrlvreiaqdfktdlrfqssavmalqeassey
-artkqtarkstggkaprkqlatkaarksapatggvkkphryrpgtvalreirryqkstellirklpfqrlvreiaqdfktdlrfqssavmalqeassey
-artkqtarkstggkaprkqlatkaarksapatggvkkphryrpgtvalreirryqkstellirklpfqrlvreiaqdfktdlrfqssavmalqeassey
-artkqtarkstggkaprkqlatkaarksapatggvkkphryrpgtvalreirryqkstellirklpfqrlvreiaqdfktdlrfqssavmalqeassey
-artkqtarkstggkaprkqlatkaarksapatggvkkphryrpgtvalreirryqkstellirklpfqrlvreiaqdfktdlrfqssavmalqeassey
-------------------------------------------------hryrpgtvalreirryqkstellirklpfqrlvreiaqdfktdlrfqssa
-------------------------------------------------hryrpgtvalreirryqkstellirklpfqrlvreiaqdfktdlrfqssa
-artkqtarkstggkaprkqlatkaarksapatggvkkphryrpgtvalreirryqkstellirklpfqrlvreiaqdfktdlrfqssavmalqeassey
-artkqtarkstggkaprkqlatkaarksapatggvkkphryrpgtvalreirryqkstellirklpfqrlvreiaqdfktdlrfqssavmalqeassey
-artkqtarkstggkaprkqlatkaarksapatggvkkphryrpgtvalreirryqkstellirklpfqrlvreiaqdfktdlrfqssavmalqeassey
-artkqtarkstggkaprkqlatkaarksapatggvkkphryrpgtvalreirryqkstellirklpfqrlvreiaqdfktdlrfqssavmalqeassey
-artkqtarkstggkaprkqlatkaarksapatggvkkphryrpgtvalreirryqkstellirklpfqrlvreiaqdfktdlrfqssavmalqeassey
-artkqtarkstggkaprkqlatkaarksapatggvkkphryrpgtvalreirryqkstellirklpfqrlvreiaqdfktdlrfqssavmalqeassey
-artkqtarkstggkaprkqlatkaarksapatggvkkphryrpgtvalreirryqkstellirklpfqrlvreiaqdfktdlrfqssavmalqeassey
-artkqtarkstggkaprkqlatkaarksapatggvkkphryrpgtvalreirryqkstellirklpfqrlvreiaqdfktdlrfqssavmalqeassey
-artkqtarkstggkaprkqlatkaarksapatggvkkphryrpgtvalreirryqkstellirklpfqrlvreiaqdfktdlrfqssavmalqeassey
-artkqtarkstggkaprkqlatkaarksapatggvkkphryrpgtvalreirryqkstellirklpfqrlvreiaqdfktdlrfqssavmalqeassey
-artkqtarkstggkaprkqlatkaarksapatggvkkphryrpgtvalreirryqkstellirklpfqrlvreiaqdfktdlrfqssavmalqeassey
-artkqtarkstggkaprkqlatkaarksapatggvkkphryrpgtvalreirryqkstellirklpfqrlvreiaqdfktdlrfqssavmalqeassey
-artkqtarkstggkaprkqlatkaarksapatggvkkphryrpgtvalreirryqkstellirklpfqrlvreiaqdfktdlrfqssavmalqeassey
-artkqtarkstggkaprkqlatkaarksapatggvkkphryrpgtvalreirryqkstellirklpfqrlvreiaqdfktdlrfqssavmalqeassey
-artkqtarkstggkaprkqlatkaarksapatggvkkphryrpgtvalreirryqkstellirklpfqrlvreiaqdfktdlrfqssavmalqeassey
-artkqtarkstggkaprkqlatkaarksapatggvkkphryrpgtvalreirryqkstellirklpfqrlvreiaqdfktdlrfqssavmalqeassey
-artkqtarkstggkaprkqlatkaarksapatggvkkphryrpgtvalreirryqkstellirklpfqrlvreiaqdfktdlrfqssavmalqeassey
-artkqtarkstggkaprkqlatkaarksapatggvkkphryrpgtvalreirryqkstellirklpfqrlvreiaqdfktdlrfqssavmalqeassey
-artkqtarkstggkaprkqlatkaarksapatggvkkphryrpgtvalreirryqkstellirklpfqrlvreiaqdfktdlrfqssavmalqeassey
-artkqtarkstggkaprkqlatkaarksapatggvkkphryrpgtvalreirryqkstellirklpfqrlvreiaqdfktdlrfqssavmalqeassey
-artkqtarkstggkaprkqlatkaarksapatggvkkphryrpgtvalreirryqkstellirklpfqrlvreiaqdfktdlrfqssavmalqeassey
-artkqtarkstggkaprkqlatkaarksapatggvkkphryrpgtvalreirryqkstellirklpfqrlvreiaqdfktdlrfqssavmalqeassey
-artkqtarkstggkaprkqlatkaarksapatggvkkphryrpgtvalreirryqkstellirklpfqrlvreiaqdfktdlrfqssavmalqeassey
-artkqtarkstggkaprkqlatkaarksapatggvkkphryrpgtvalreirryqkstellirklpfqrlvreiaqdfktdlrfqssavmalqeassey
-artkqtarkstggkaprkqlatkaarksapatggvkkphryrpgtvalreirryqkstellirklpfqrlvreiaqdfktdlrfqssavmalqeassey
-artkqtarkstggkaprkqlatkaarksapatggvkkphryrpgtvalreirryqkstellirklpfqrlvreiaqdfktdlrfqssavmalqeassey
-artkqtarkstggkaprkqlatkaarksapatggvkkphryrpgtvalreirryqkstellirklpfqrlvreiaqdfktdlrfqssavmalqeassey
-artkqtarkstggkaprkqlatkaarksapatggvkkphryrpgtvalreirryqkstellirklpfqrlvreiaqdfktdlrfqssavmalqeassey
-artkqtarkstggkaprkqlatkaarksapatggvkkphryrpgtvalreirryqkstellirklpfqrlvreiaqdfktdlrfqssavmalqeassey
-artkqtarkstggkaprkqlatkaarksapatggvkkphryrpgtvalreirryqkstellirklpfqrlvreiaqdfktdlrfqssavmalqeassey
-artkqtarkstggkaprkqlatkaarksapatggvkkphryrpgtvalreirryqkstellirklpfqrlvreiaqdfktdlrfqssavmalqeassey
-artkqtarkstggkaprkqlatkaarksapatggvkkphryrpgtvalreirryqkstellirklpfqrlvreiaqdfktdlrfqssavmalqeassey
-artkqtarkstggkaprkqlatkaarksapatggvkkphryrpgtvalreirryqkstellirklpfqrlvreiaqdfktdlrfqssavmalqeassey
